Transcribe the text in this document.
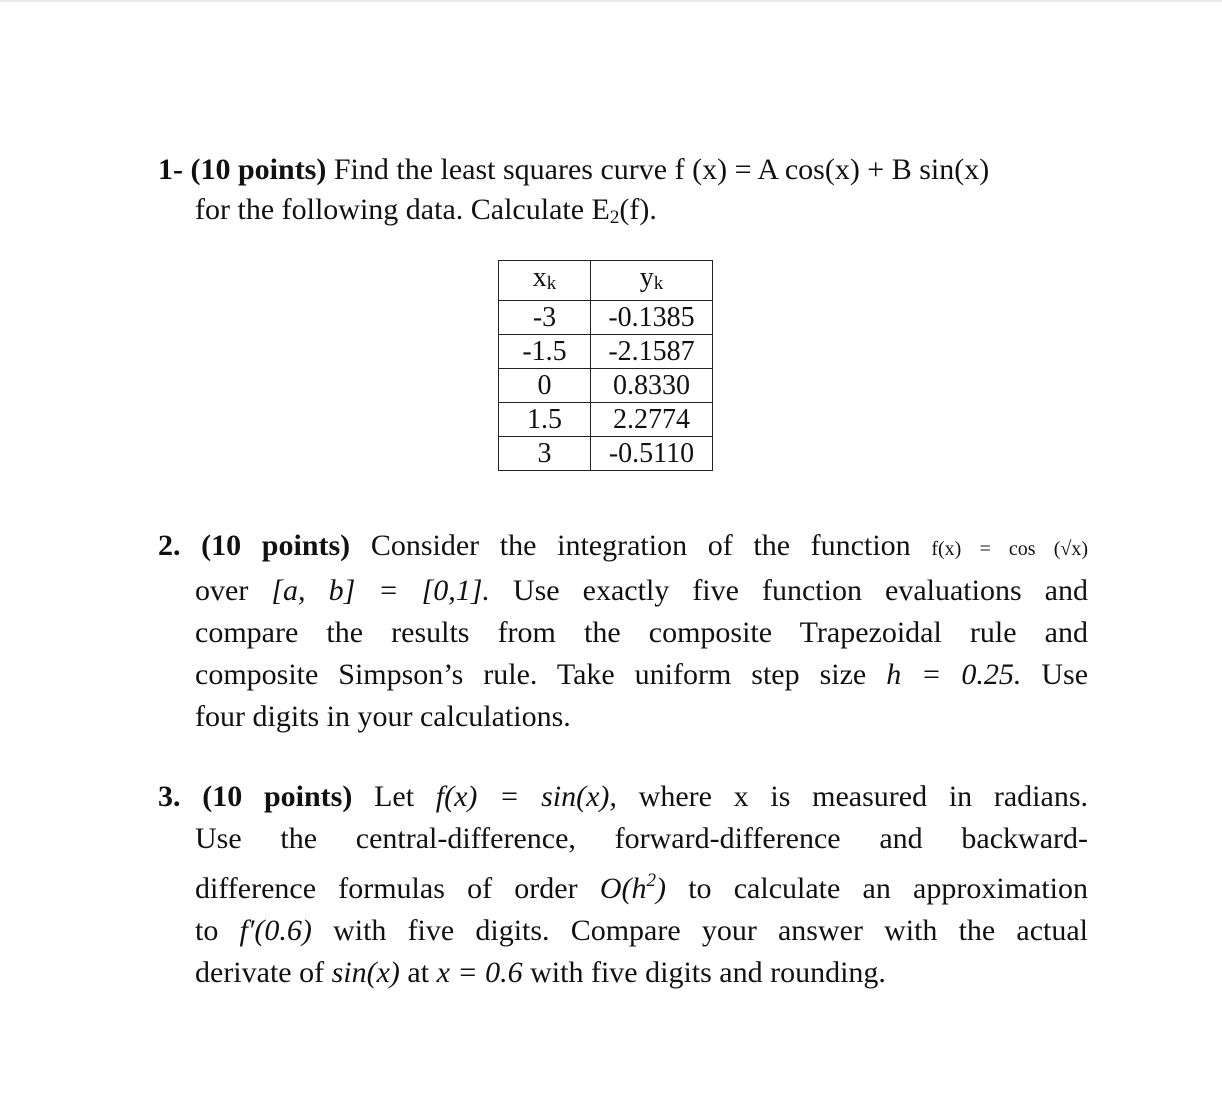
1- (10 points) Find the least squares curve f (x) = A cos(x) + B sin(x)
for the following data. Calculate $E_2(f)$.
xk	yk
-3	-0.1385
-1.5	-2.1587
0	0.8330
1.5	2.2774
3	-0.5110
2. (10 points) Consider the integration of the function f(x) = cos (√x)
over [a, b] = [0,1]. Use exactly five function evaluations and
compare the results from the composite Trapezoidal rule and
composite Simpson’s rule. Take uniform step size h = 0.25. Use
four digits in your calculations.
3. (10 points) Let f(x) = sin(x), where x is measured in radians.
Use the central-difference, forward-difference and backward-
difference formulas of order $O(h^2)$ to calculate an approximation
to f′(0.6) with five digits. Compare your answer with the actual
derivate of sin(x) at x = 0.6 with five digits and rounding.
